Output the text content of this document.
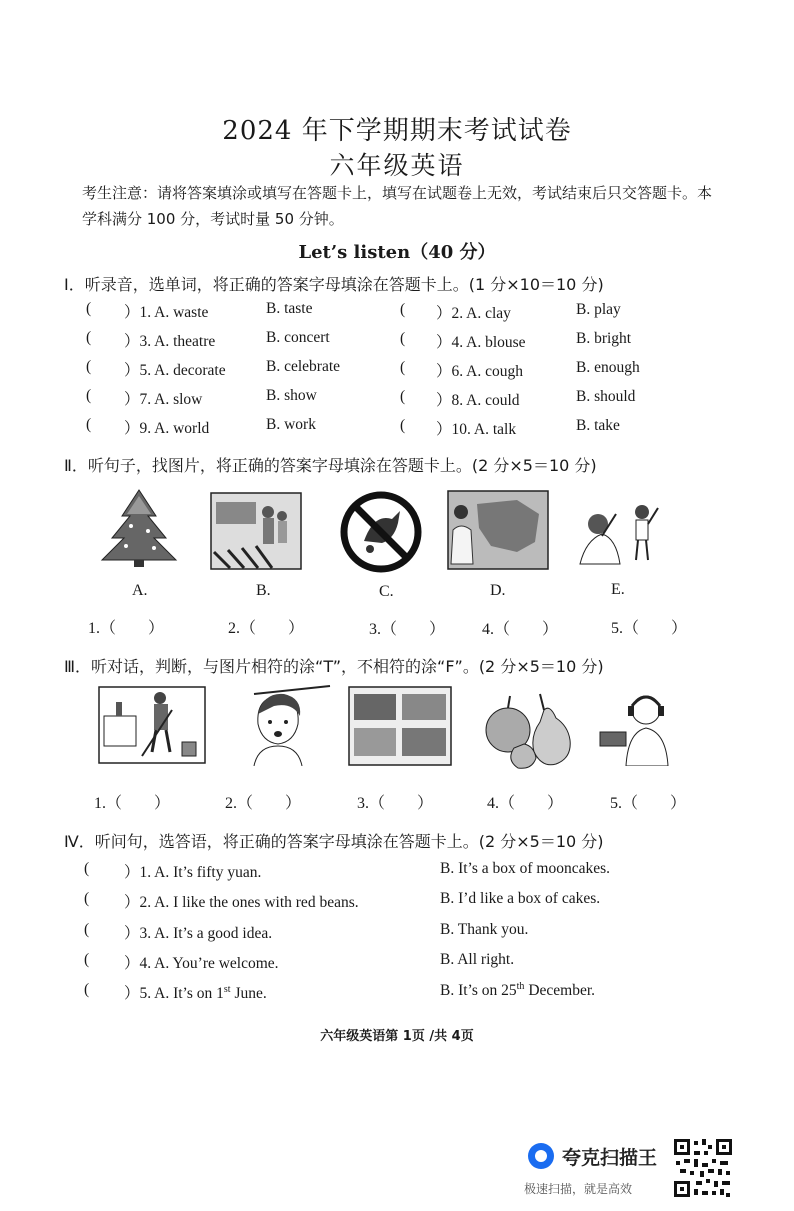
2024 年下学期期末考试试卷
六年级英语
考生注意：请将答案填涂或填写在答题卡上，填写在试题卷上无效，考试结束后只交答题卡。本学科满分 100 分，考试时量 50 分钟。
Let’s listen（40 分）
Ⅰ．听录音，选单词，将正确的答案字母填涂在答题卡上。(1 分×10＝10 分)
( ）1. A. waste	B. taste	( ）2. A. clay	B. play
( ）3. A. theatre	B. concert	( ）4. A. blouse	B. bright
( ）5. A. decorate	B. celebrate	( ）6. A. cough	B. enough
( ）7. A. slow	B. show	( ）8. A. could	B. should
( ）9. A. world	B. work	( ）10. A. talk	B. take
Ⅱ．听句子，找图片，将正确的答案字母填涂在答题卡上。(2 分×5＝10 分)
A.	B.	C.	D.	E.
1.（　　）	2.（　　）	3.（　　） 4.（　　）	5.（　　）
Ⅲ．听对话，判断，与图片相符的涂“T”，不相符的涂“F”。(2 分×5＝10 分)
1.（　　）	2.（　　）	3.（　　）	4.（　　）	5.（　　）
Ⅳ．听问句，选答语，将正确的答案字母填涂在答题卡上。(2 分×5＝10 分)
( ）1. A. It’s fifty yuan.	B. It’s a box of mooncakes.
( ）2. A. I like the ones with red beans.	B. I’d like a box of cakes.
( ）3. A. It’s a good idea.	B. Thank you.
( ）4. A. You’re welcome.	B. All right.
( ）5. A. It’s on 1st June.	B. It’s on 25th December.
六年级英语第 1页 /共 4页
夸克扫描王
极速扫描，就是高效
